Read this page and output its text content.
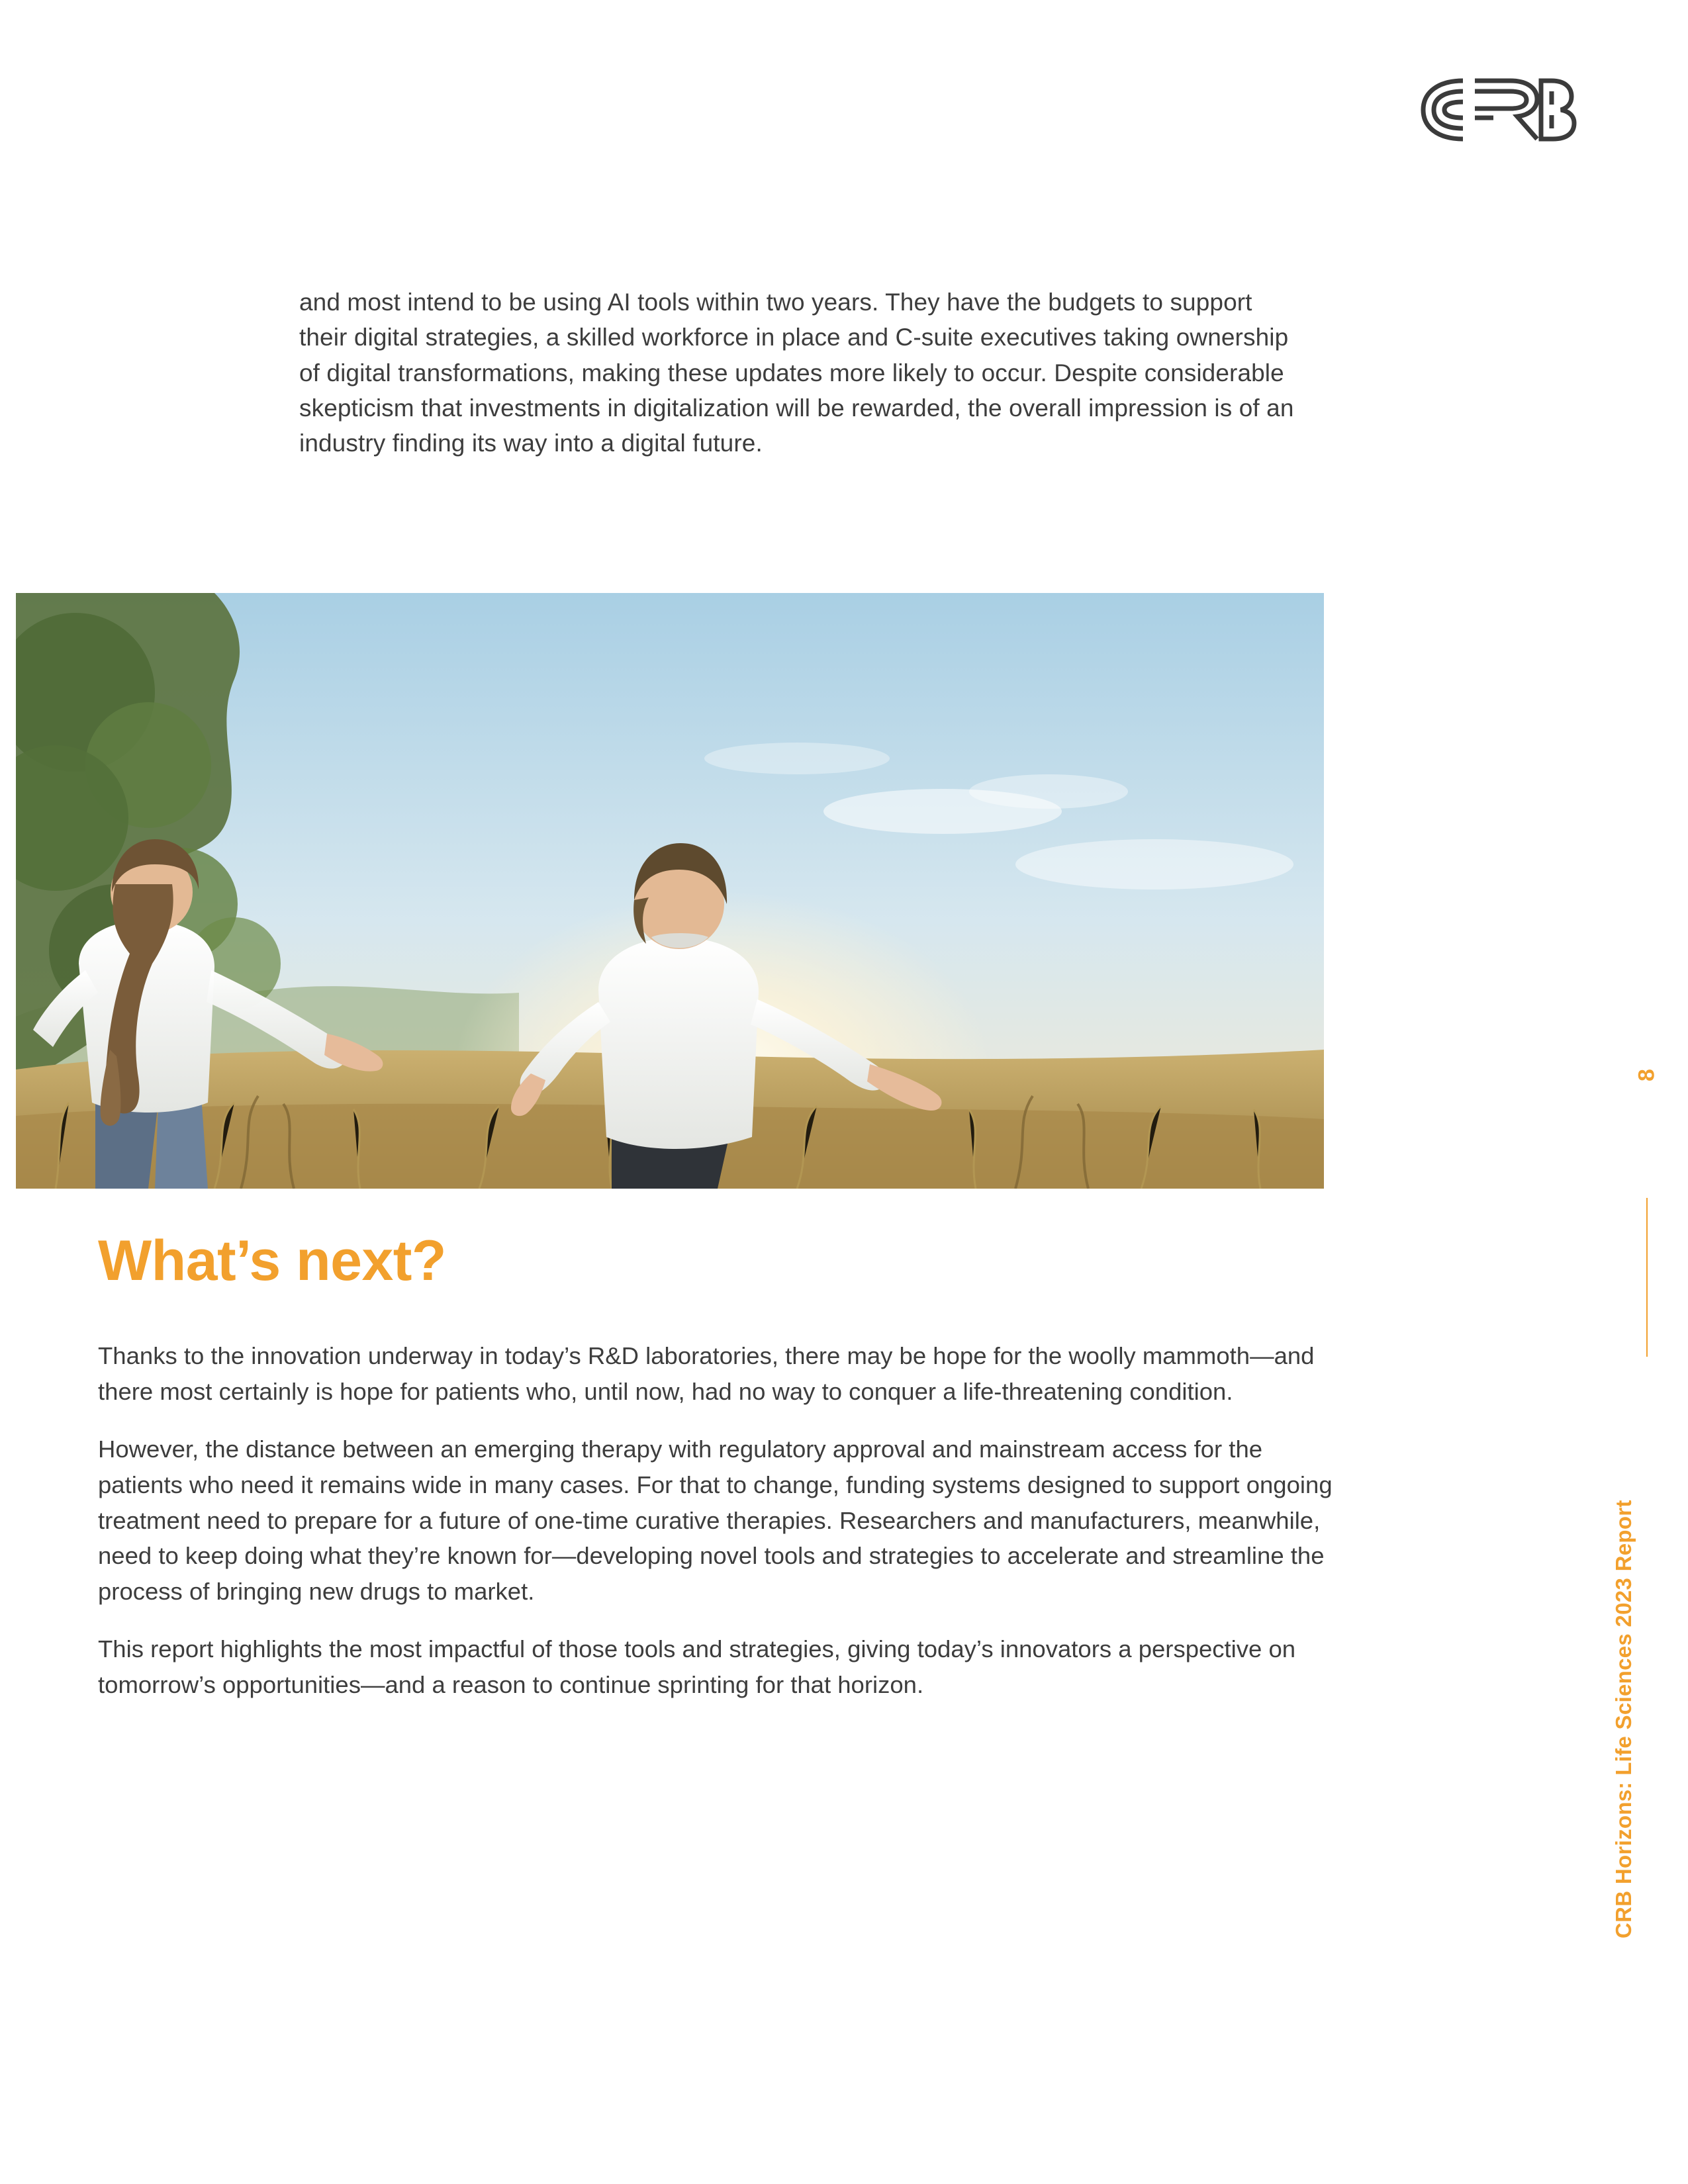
and most intend to be using AI tools within two years. They have the budgets to support their digital strategies, a skilled workforce in place and C-suite executives taking ownership of digital transformations, making these updates more likely to occur. Despite considerable skepticism that investments in digitalization will be rewarded, the overall impression is of an industry finding its way into a digital future.
What’s next?

Thanks to the innovation underway in today’s R&D laboratories, there may be hope for the woolly mammoth—and there most certainly is hope for patients who, until now, had no way to conquer a life-threatening condition.

However, the distance between an emerging therapy with regulatory approval and mainstream access for the patients who need it remains wide in many cases. For that to change, funding systems designed to support ongoing treatment need to prepare for a future of one-time curative therapies. Researchers and manufacturers, meanwhile, need to keep doing what they’re known for—developing novel tools and strategies to accelerate and streamline the process of bringing new drugs to market.

This report highlights the most impactful of those tools and strategies, giving today’s innovators a perspective on tomorrow’s opportunities—and a reason to continue sprinting for that horizon.

8
CRB Horizons: Life Sciences 2023 Report
